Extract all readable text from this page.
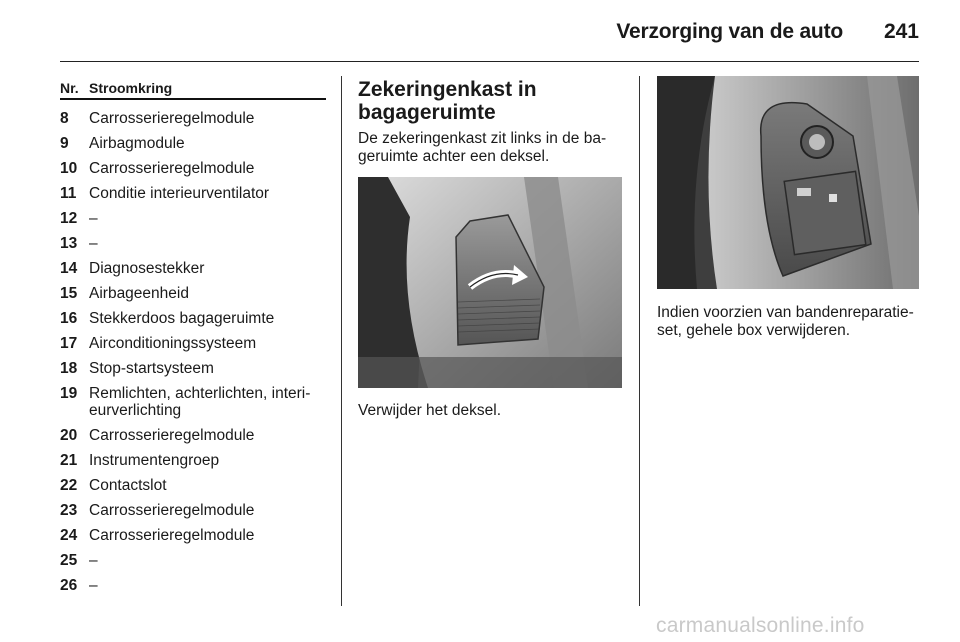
Verzorging van de auto 241
Nr. Stroomkring
8	Carrosserieregelmodule
9	Airbagmodule
10 Carrosserieregelmodule
11 Conditie interieurventilator
12 –
13 –
14 Diagnosestekker
15 Airbageenheid
16 Stekkerdoos bagageruimte
17 Airconditioningssysteem
18 Stop-startsysteem
19 Remlichten, achterlichten, interi-eurverlichting
20 Carrosserieregelmodule
21 Instrumentengroep
22 Contactslot
23 Carrosserieregelmodule
24 Carrosserieregelmodule
25 –
26 –
Zekeringenkast in bagageruimte
De zekeringenkast zit links in de ba-geruimte achter een deksel.
Verwijder het deksel.
Indien voorzien van bandenreparatie-set, gehele box verwijderen.
carmanualsonline.info
